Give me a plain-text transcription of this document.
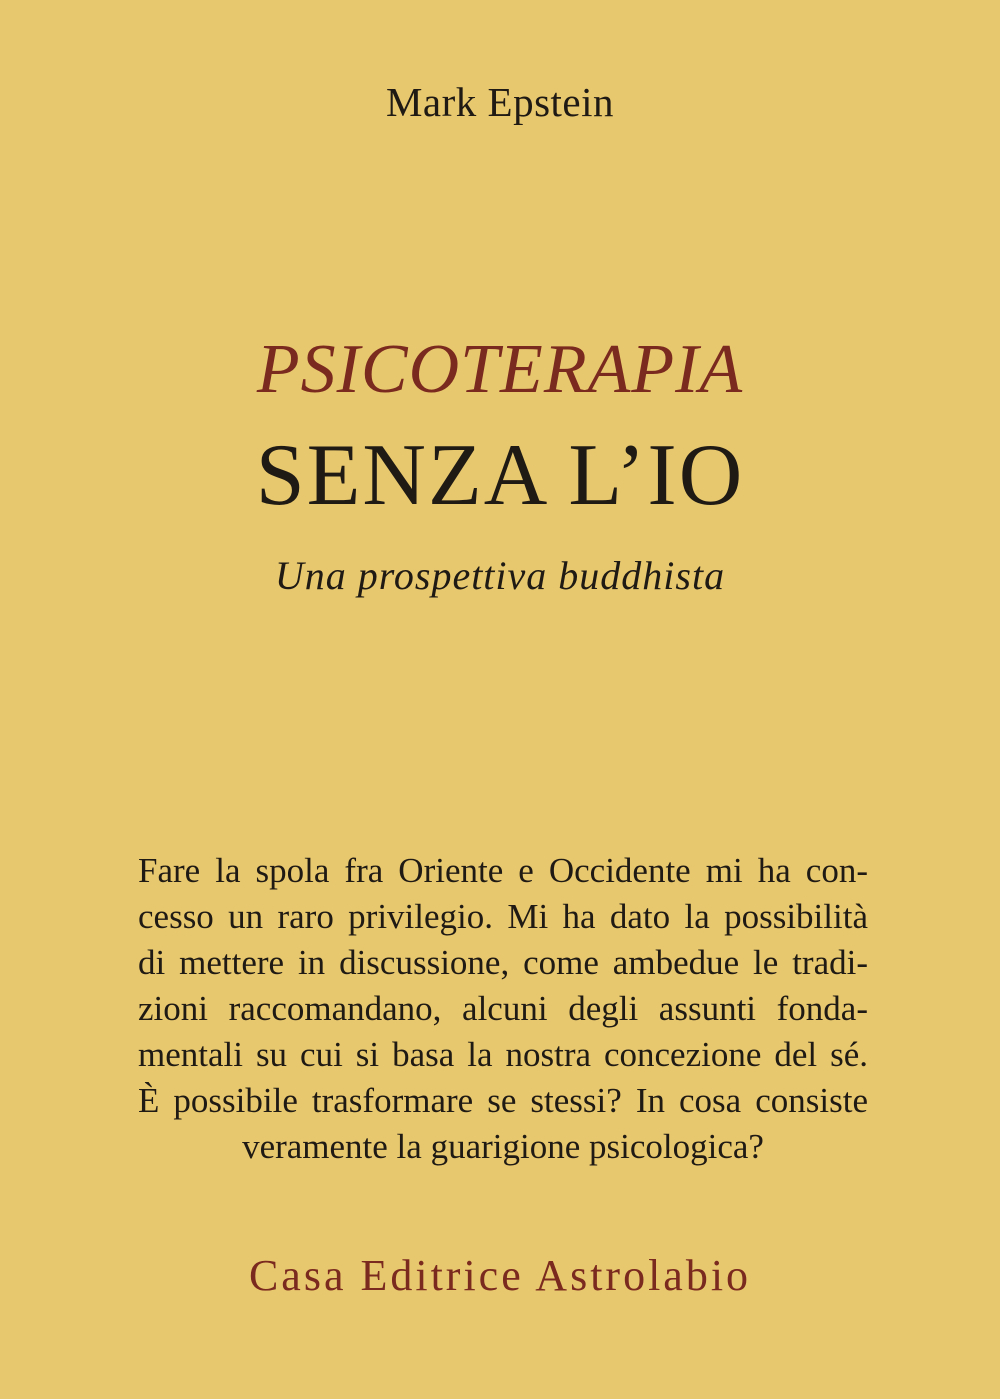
Mark Epstein
PSICOTERAPIA
SENZA L’IO
Una prospettiva buddhista
Fare la spola fra Oriente e Occidente mi ha con-
cesso un raro privilegio. Mi ha dato la possibilità
di mettere in discussione, come ambedue le tradi-
zioni raccomandano, alcuni degli assunti fonda-
mentali su cui si basa la nostra concezione del sé.
È possibile trasformare se stessi? In cosa consiste
veramente la guarigione psicologica?
Casa Editrice Astrolabio
